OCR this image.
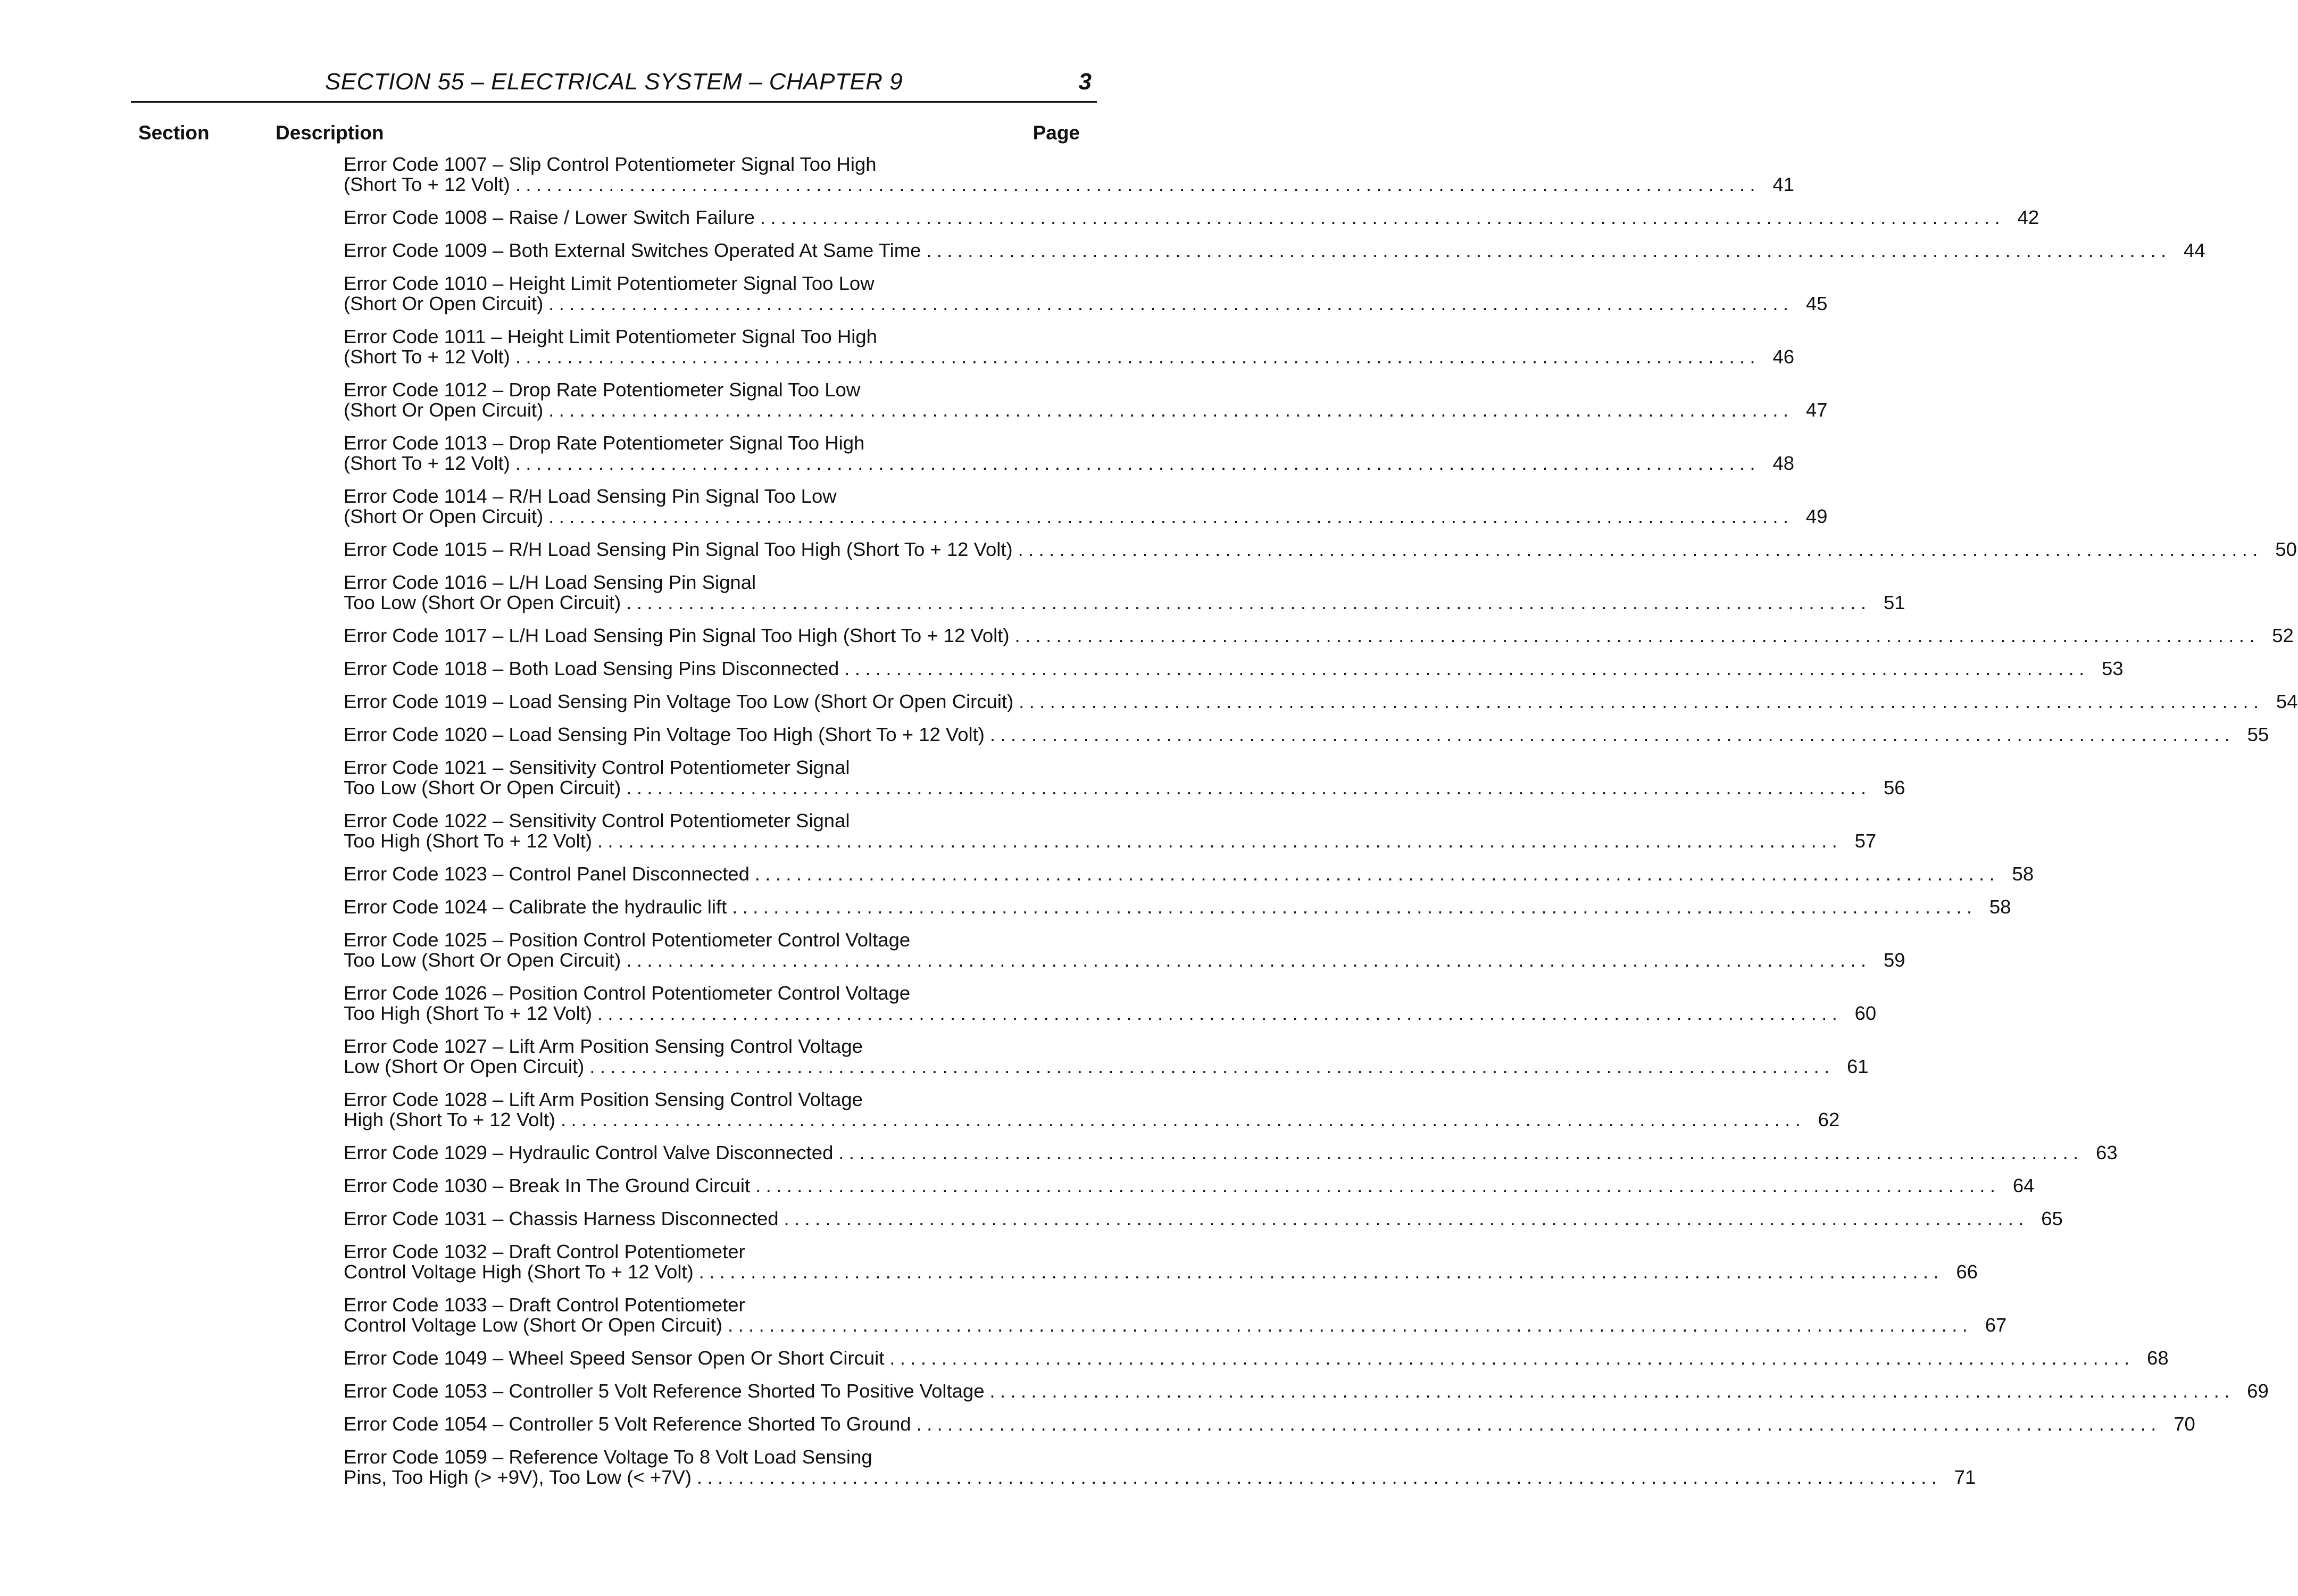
SECTION 55 – ELECTRICAL SYSTEM – CHAPTER 9	3
Section	Description	Page
Error Code 1007 – Slip Control Potentiometer Signal Too High
(Short To + 12 Volt) ........................................................................................................................ 41
Error Code 1008 – Raise / Lower Switch Failure ........................................................................................................................ 42
Error Code 1009 – Both External Switches Operated At Same Time ........................................................................................................................ 44
Error Code 1010 – Height Limit Potentiometer Signal Too Low
(Short Or Open Circuit) ........................................................................................................................ 45
Error Code 1011 – Height Limit Potentiometer Signal Too High
(Short To + 12 Volt) ........................................................................................................................ 46
Error Code 1012 – Drop Rate Potentiometer Signal Too Low
(Short Or Open Circuit) ........................................................................................................................ 47
Error Code 1013 – Drop Rate Potentiometer Signal Too High
(Short To + 12 Volt) ........................................................................................................................ 48
Error Code 1014 – R/H Load Sensing Pin Signal Too Low
(Short Or Open Circuit) ........................................................................................................................ 49
Error Code 1015 – R/H Load Sensing Pin Signal Too High (Short To + 12 Volt) ........................................................................................................................ 50
Error Code 1016 – L/H Load Sensing Pin Signal
Too Low (Short Or Open Circuit) ........................................................................................................................ 51
Error Code 1017 – L/H Load Sensing Pin Signal Too High (Short To + 12 Volt) ........................................................................................................................ 52
Error Code 1018 – Both Load Sensing Pins Disconnected ........................................................................................................................ 53
Error Code 1019 – Load Sensing Pin Voltage Too Low (Short Or Open Circuit) ........................................................................................................................ 54
Error Code 1020 – Load Sensing Pin Voltage Too High (Short To + 12 Volt) ........................................................................................................................ 55
Error Code 1021 – Sensitivity Control Potentiometer Signal
Too Low (Short Or Open Circuit) ........................................................................................................................ 56
Error Code 1022 – Sensitivity Control Potentiometer Signal
Too High (Short To + 12 Volt) ........................................................................................................................ 57
Error Code 1023 – Control Panel Disconnected ........................................................................................................................ 58
Error Code 1024 – Calibrate the hydraulic lift ........................................................................................................................ 58
Error Code 1025 – Position Control Potentiometer Control Voltage
Too Low (Short Or Open Circuit) ........................................................................................................................ 59
Error Code 1026 – Position Control Potentiometer Control Voltage
Too High (Short To + 12 Volt) ........................................................................................................................ 60
Error Code 1027 – Lift Arm Position Sensing Control Voltage
Low (Short Or Open Circuit) ........................................................................................................................ 61
Error Code 1028 – Lift Arm Position Sensing Control Voltage
High (Short To + 12 Volt) ........................................................................................................................ 62
Error Code 1029 – Hydraulic Control Valve Disconnected ........................................................................................................................ 63
Error Code 1030 – Break In The Ground Circuit ........................................................................................................................ 64
Error Code 1031 – Chassis Harness Disconnected ........................................................................................................................ 65
Error Code 1032 – Draft Control Potentiometer
Control Voltage High (Short To + 12 Volt) ........................................................................................................................ 66
Error Code 1033 – Draft Control Potentiometer
Control Voltage Low (Short Or Open Circuit) ........................................................................................................................ 67
Error Code 1049 – Wheel Speed Sensor Open Or Short Circuit ........................................................................................................................ 68
Error Code 1053 – Controller 5 Volt Reference Shorted To Positive Voltage ........................................................................................................................ 69
Error Code 1054 – Controller 5 Volt Reference Shorted To Ground ........................................................................................................................ 70
Error Code 1059 – Reference Voltage To 8 Volt Load Sensing
Pins, Too High (> +9V), Too Low (< +7V) ........................................................................................................................ 71
